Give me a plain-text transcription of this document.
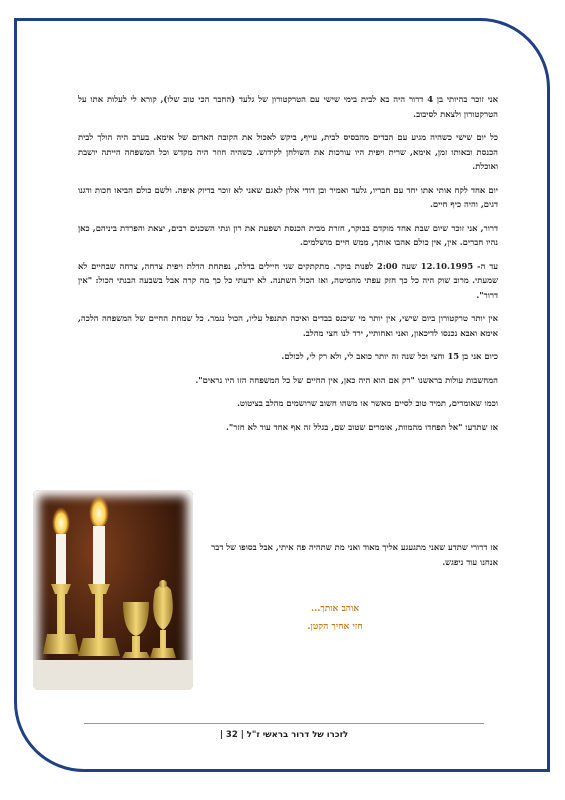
אני זוכר בהיותי בן 4 דרור היה בא לבית בימי שישי עם הטרקטורון של גלעד (החבר הכי טוב שלו), קורא לי לעלות אתו על הטרקטורון ולצאת לסיבוב.

כל יום שישי כשהיה מגיע עם הבדים מהבסיס לבית, עייף, ביקש לאכול את הקובה האדום של אימא. בערב היה הולך לבית הכנסת ובאותו זמן, אימא, שרית ויפית היו עורכות את השולחן לקידוש. כשהיה חוזר היה מקדש וכל המשפחה הייתה יושבת ואוכלת.

יום אחד לקח אותי אתו יחד עם חבריו, גלעד ואמיר ובן דודי אלון לאגם שאני לא זוכר בדיוק איפה. ולשם כולם הביאו חכות ודגנו דגים, והיה כיף חיים.

דרור, אני זוכר שיום שבת אחד מוקדם בבוקר, חזרת מבית הכנסת ושפעת את רון ונתי השכנים רבים, יצאת והפרדת ביניהם, כאן נהיו חברים. אין, אין כולם אהבו אותך, ממש חיים מושלמים.

עד ה- 12.10.1995 שעה 2:00 לפנות בוקר. מתקתקים שני חיילים בדלת, נפתחת הדלת ויפית צרחה, צרחה שבחיים לא שמעתי. מרוב שוק היה כל כך חזק עפתי מהמיטה, ואז הכול השתנה. לא ידעתי כל כך מה קרה אבל בשבעה הבנתי הכול: "אין דרור".

אין יותר טרקטורון ביום שישי, אין יותר מי שיכנס בבדים ואיכה תתנפל עליו, הכול נגמר. כל שמחת החיים של המשפחה הלכה, אימא ואבא נכנסו לדיכאון, ואני ואחותיי, ירד לנו חצי מהלב.

כיום אני בן 15 וחצי וכל שנה זה יותר כואב לי, ולא רק לי, לכולם.

המחשבות עולות בראשנו "רק אם הוא היה כאן, אין החיים של כל המשפחה הזו היו נראים".

וכמו שאומרים, תמיד טוב לסיים מאשר או משהו חשוב שרושמים מהלב בציטוט.

אז שתדעו "אל תפחדו מהמוות, אומרים שטוב שם, בגלל זה אף אחד עוד לא חזר".

אז דרורי שתדע שאני מתגעגע אליך מאוד ואני מת שתהיה פה איתי, אבל בסופו של דבר אנחנו עוד ניפגש.
אוהב אותך...
חזי אחיך הקטן.
לזכרו של דרור בראשי ז"ל | 32 |
